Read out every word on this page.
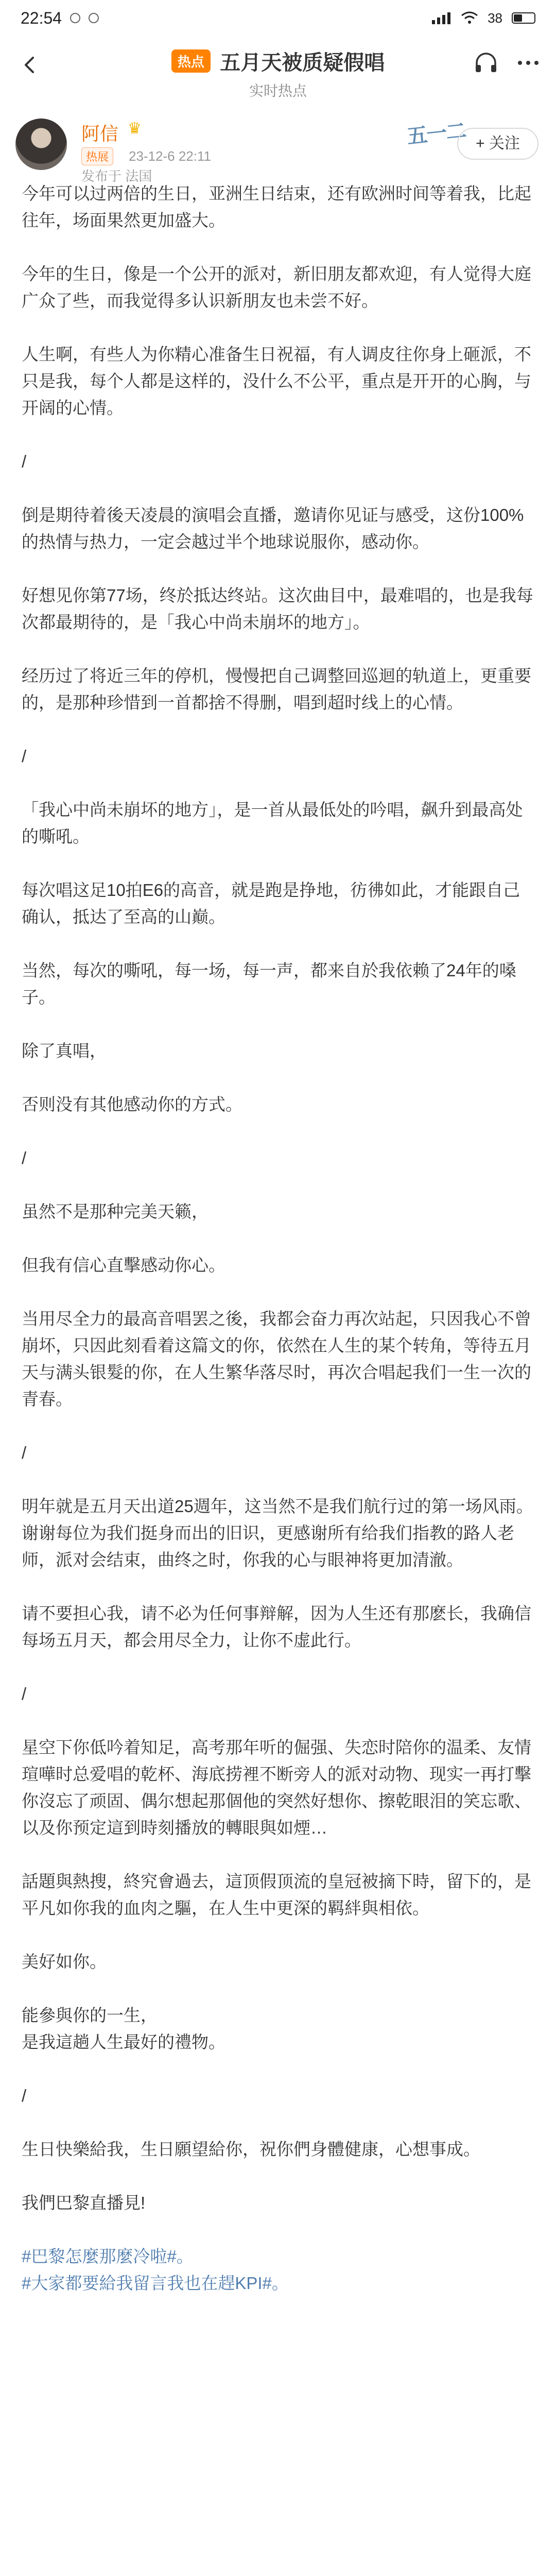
22:54	38
热点 五月天被质疑假唱
实时热点
阿信 ♛
热展	23-12-6 22:11
发布于 法国
五一二 + 关注

今年可以过两倍的生日，亚洲生日结束，还有欧洲时间等着我，比起往年，场面果然更加盛大。

今年的生日，像是一个公开的派对，新旧朋友都欢迎，有人觉得大庭广众了些，而我觉得多认识新朋友也未尝不好。

人生啊，有些人为你精心准备生日祝福，有人调皮往你身上砸派，不只是我，每个人都是这样的，没什么不公平，重点是开开的心胸，与开阔的心情。

/

倒是期待着後天凌晨的演唱会直播，邀请你见证与感受，这份100%的热情与热力，一定会越过半个地球说服你，感动你。

好想见你第77场，终於抵达终站。这次曲目中，最难唱的，也是我每次都最期待的，是「我心中尚未崩坏的地方」。

经历过了将近三年的停机，慢慢把自己调整回巡迴的轨道上，更重要的，是那种珍惜到一首都捨不得删，唱到超时线上的心情。

/

「我心中尚未崩坏的地方」，是一首从最低处的吟唱，飙升到最高处的嘶吼。

每次唱这足10拍E6的高音，就是跑是挣地，彷彿如此，才能跟自己确认，抵达了至高的山巅。

当然，每次的嘶吼，每一场，每一声，都来自於我依赖了24年的嗓子。

除了真唱，

否则没有其他感动你的方式。

/

虽然不是那种完美天籁，

但我有信心直擊感动你心。

当用尽全力的最高音唱罢之後，我都会奋力再次站起，只因我心不曾崩坏，只因此刻看着这篇文的你，依然在人生的某个转角，等待五月天与满头银髮的你，在人生繁华落尽时，再次合唱起我们一生一次的青春。

/

明年就是五月天出道25週年，这当然不是我们航行过的第一场风雨。谢谢每位为我们挺身而出的旧识，更感谢所有给我们指教的路人老师，派对会结束，曲终之时，你我的心与眼神将更加清澈。

请不要担心我，请不必为任何事辩解，因为人生还有那麽长，我确信每场五月天，都会用尽全力，让你不虚此行。

/

星空下你低吟着知足，高考那年听的倔强、失恋时陪你的温柔、友情瑄嘩时总爱唱的乾杯、海底捞裡不断旁人的派对动物、现实一再打擊你沒忘了顽固、偶尔想起那個他的突然好想你、擦乾眼泪的笑忘歌、以及你预定這到時刻播放的轉眼與如煙…

話題與熱搜，終究會過去，這顶假顶流的皇冠被摘下時，留下的，是平凡如你我的血肉之驅，在人生中更深的羁絆與相依。

美好如你。

能參與你的一生，
是我這趟人生最好的禮物。

/

生日快樂給我，生日願望給你，祝你們身體健康，心想事成。

我們巴黎直播見!

#巴黎怎麼那麼冷啦#。
#大家都要給我留言我也在趕KPI#。
